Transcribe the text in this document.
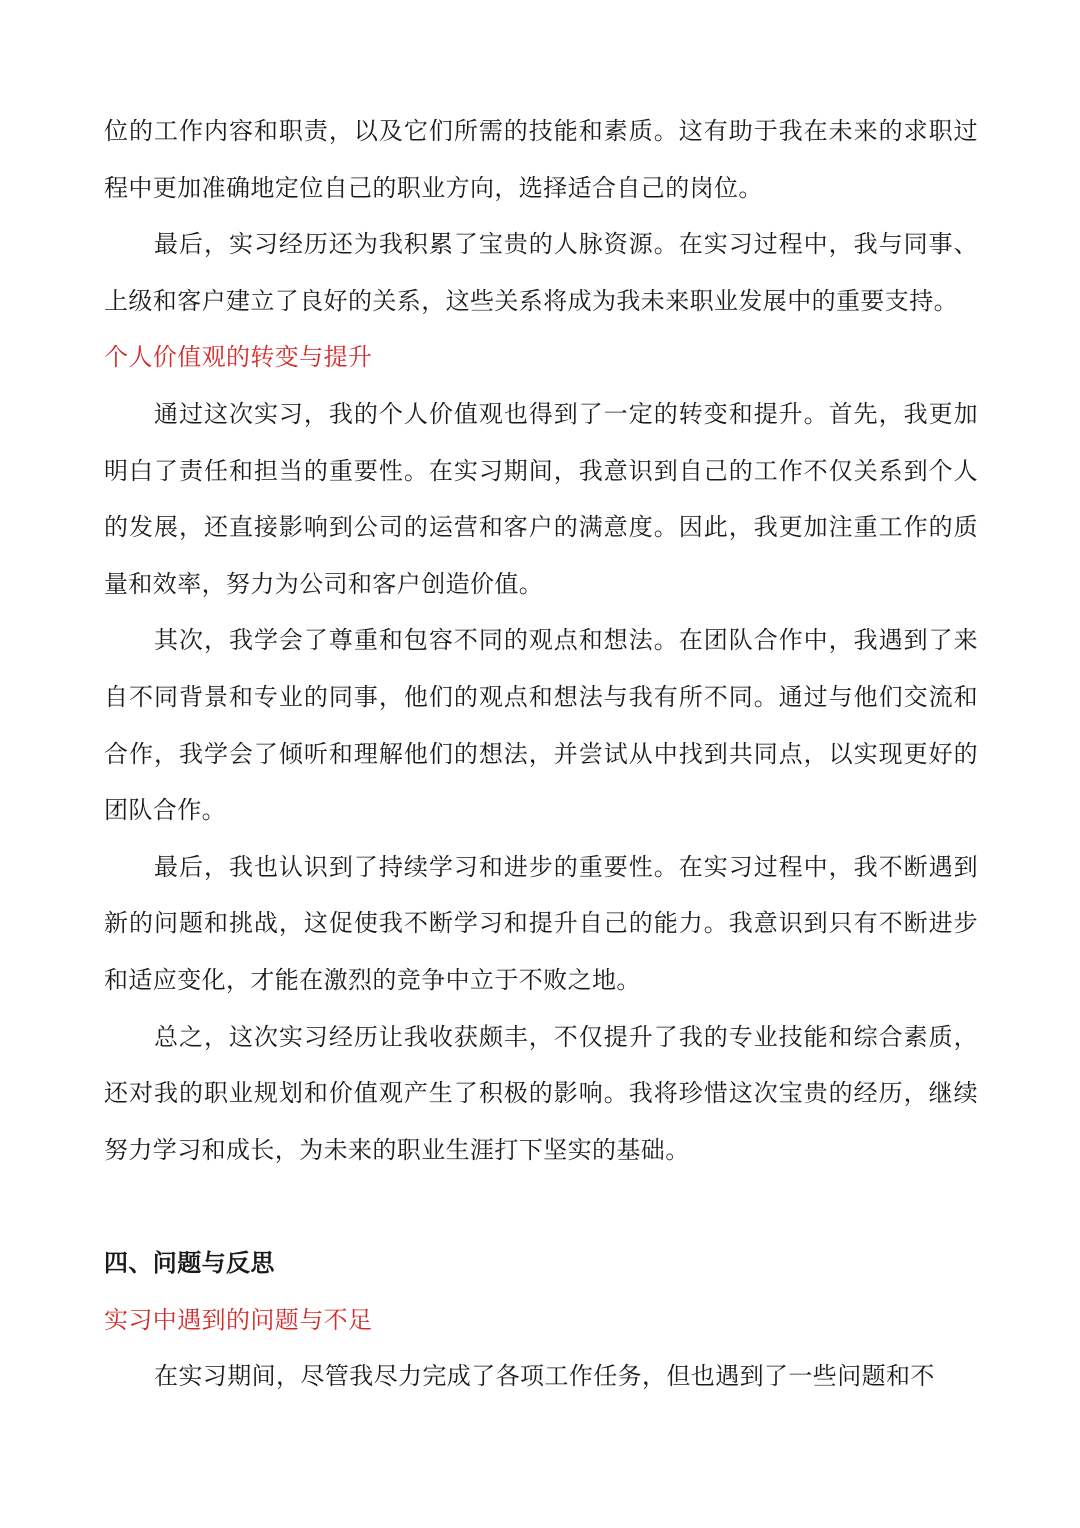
位的工作内容和职责，以及它们所需的技能和素质。这有助于我在未来的求职过程中更加准确地定位自己的职业方向，选择适合自己的岗位。

最后，实习经历还为我积累了宝贵的人脉资源。在实习过程中，我与同事、上级和客户建立了良好的关系，这些关系将成为我未来职业发展中的重要支持。

个人价值观的转变与提升

通过这次实习，我的个人价值观也得到了一定的转变和提升。首先，我更加明白了责任和担当的重要性。在实习期间，我意识到自己的工作不仅关系到个人的发展，还直接影响到公司的运营和客户的满意度。因此，我更加注重工作的质量和效率，努力为公司和客户创造价值。

其次，我学会了尊重和包容不同的观点和想法。在团队合作中，我遇到了来自不同背景和专业的同事，他们的观点和想法与我有所不同。通过与他们交流和合作，我学会了倾听和理解他们的想法，并尝试从中找到共同点，以实现更好的团队合作。

最后，我也认识到了持续学习和进步的重要性。在实习过程中，我不断遇到新的问题和挑战，这促使我不断学习和提升自己的能力。我意识到只有不断进步和适应变化，才能在激烈的竞争中立于不败之地。

总之，这次实习经历让我收获颇丰，不仅提升了我的专业技能和综合素质，还对我的职业规划和价值观产生了积极的影响。我将珍惜这次宝贵的经历，继续努力学习和成长，为未来的职业生涯打下坚实的基础。

四、问题与反思

实习中遇到的问题与不足

在实习期间，尽管我尽力完成了各项工作任务，但也遇到了一些问题和不
